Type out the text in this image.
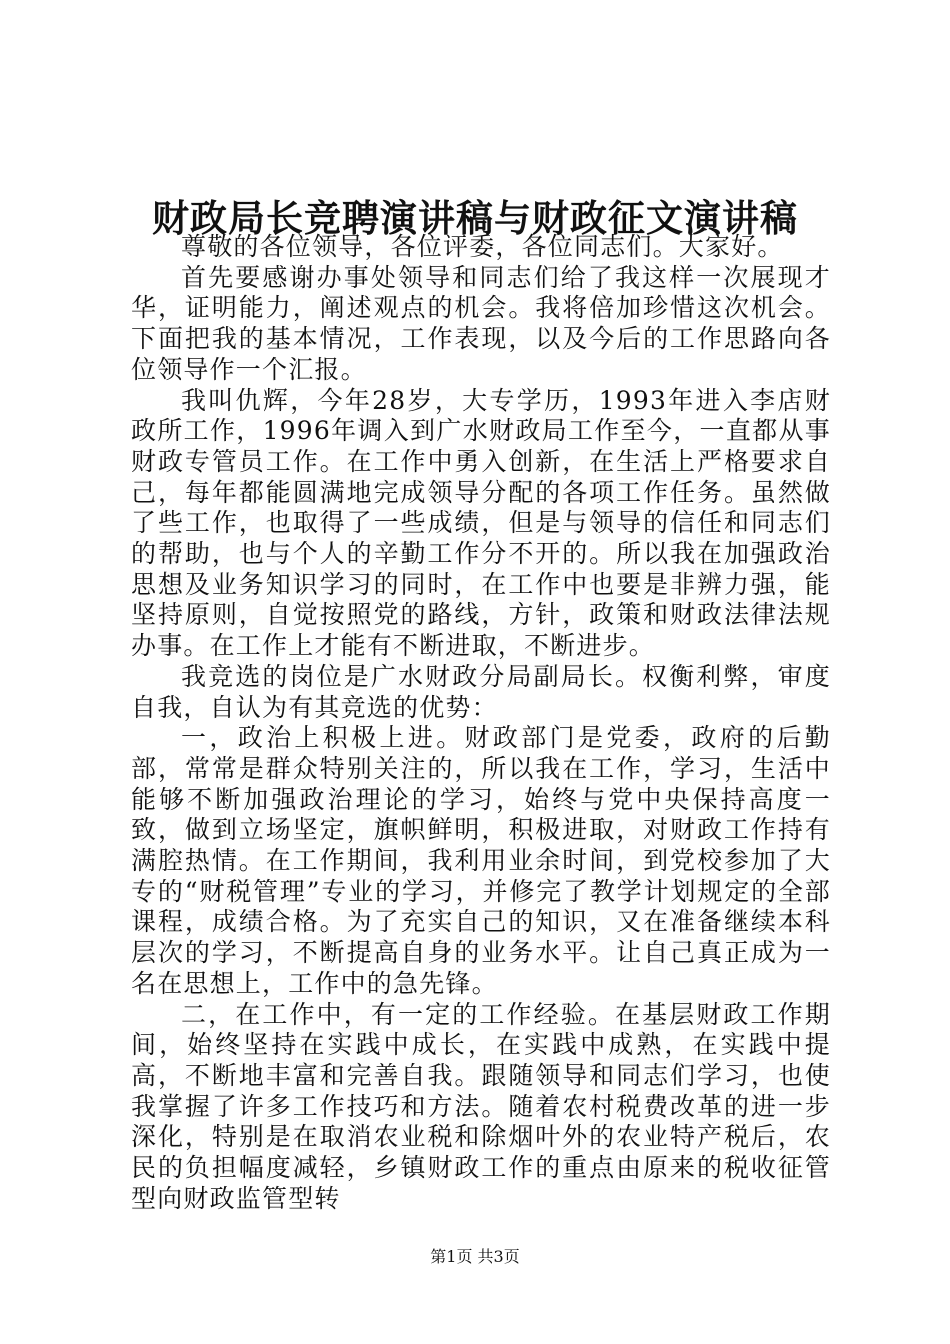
财政局长竞聘演讲稿与财政征文演讲稿

尊敬的各位领导，各位评委，各位同志们。大家好。

首先要感谢办事处领导和同志们给了我这样一次展现才华，证明能力，阐述观点的机会。我将倍加珍惜这次机会。下面把我的基本情况，工作表现，以及今后的工作思路向各位领导作一个汇报。

我叫仇辉，今年28岁，大专学历，1993年进入李店财政所工作，1996年调入到广水财政局工作至今，一直都从事财政专管员工作。在工作中勇入创新，在生活上严格要求自己，每年都能圆满地完成领导分配的各项工作任务。虽然做了些工作，也取得了一些成绩，但是与领导的信任和同志们的帮助，也与个人的辛勤工作分不开的。所以我在加强政治思想及业务知识学习的同时，在工作中也要是非辨力强，能坚持原则，自觉按照党的路线，方针，政策和财政法律法规办事。在工作上才能有不断进取，不断进步。

我竞选的岗位是广水财政分局副局长。权衡利弊，审度自我，自认为有其竞选的优势：

一，政治上积极上进。财政部门是党委，政府的后勤部，常常是群众特别关注的，所以我在工作，学习，生活中能够不断加强政治理论的学习，始终与党中央保持高度一致，做到立场坚定，旗帜鲜明，积极进取，对财政工作持有满腔热情。在工作期间，我利用业余时间，到党校参加了大专的“财税管理”专业的学习，并修完了教学计划规定的全部课程，成绩合格。为了充实自己的知识，又在准备继续本科层次的学习，不断提高自身的业务水平。让自己真正成为一名在思想上，工作中的急先锋。

二，在工作中，有一定的工作经验。在基层财政工作期间，始终坚持在实践中成长，在实践中成熟，在实践中提高，不断地丰富和完善自我。跟随领导和同志们学习，也使我掌握了许多工作技巧和方法。随着农村税费改革的进一步深化，特别是在取消农业税和除烟叶外的农业特产税后，农民的负担幅度减轻，乡镇财政工作的重点由原来的税收征管型向财政监管型转

第1页 共3页
